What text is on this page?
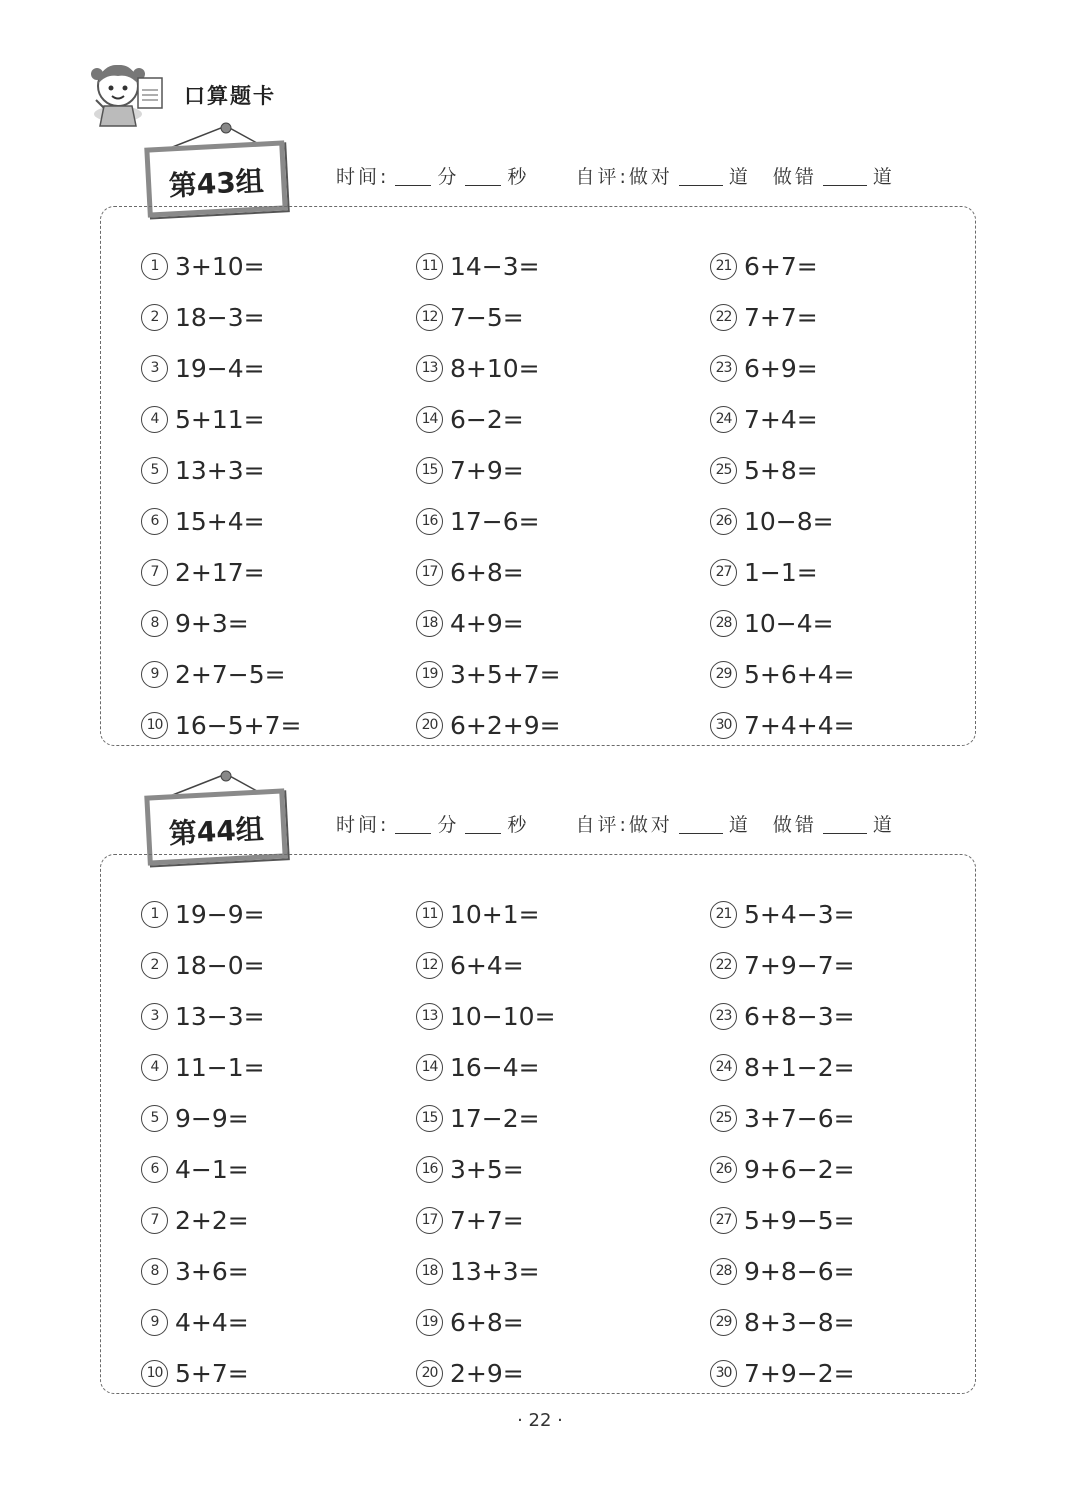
口算题卡
第43组	时间:	分	秒 自评:做对	道 做错	道
1 3+10=
2 18−3=
3 19−4=
4 5+11=
5 13+3=
6 15+4=
7 2+17=
8 9+3=
9 2+7−5=
10 16−5+7=
11 14−3=
12 7−5=
13 8+10=
14 6−2=
15 7+9=
16 17−6=
17 6+8=
18 4+9=
19 3+5+7=
20 6+2+9=
21 6+7=
22 7+7=
23 6+9=
24 7+4=
25 5+8=
26 10−8=
27 1−1=
28 10−4=
29 5+6+4=
30 7+4+4=
第44组	时间:	分	秒 自评:做对	道 做错	道
1 19−9=
2 18−0=
3 13−3=
4 11−1=
5 9−9=
6 4−1=
7 2+2=
8 3+6=
9 4+4=
10 5+7=
11 10+1=
12 6+4=
13 10−10=
14 16−4=
15 17−2=
16 3+5=
17 7+7=
18 13+3=
19 6+8=
20 2+9=
21 5+4−3=
22 7+9−7=
23 6+8−3=
24 8+1−2=
25 3+7−6=
26 9+6−2=
27 5+9−5=
28 9+8−6=
29 8+3−8=
30 7+9−2=
· 22 ·
